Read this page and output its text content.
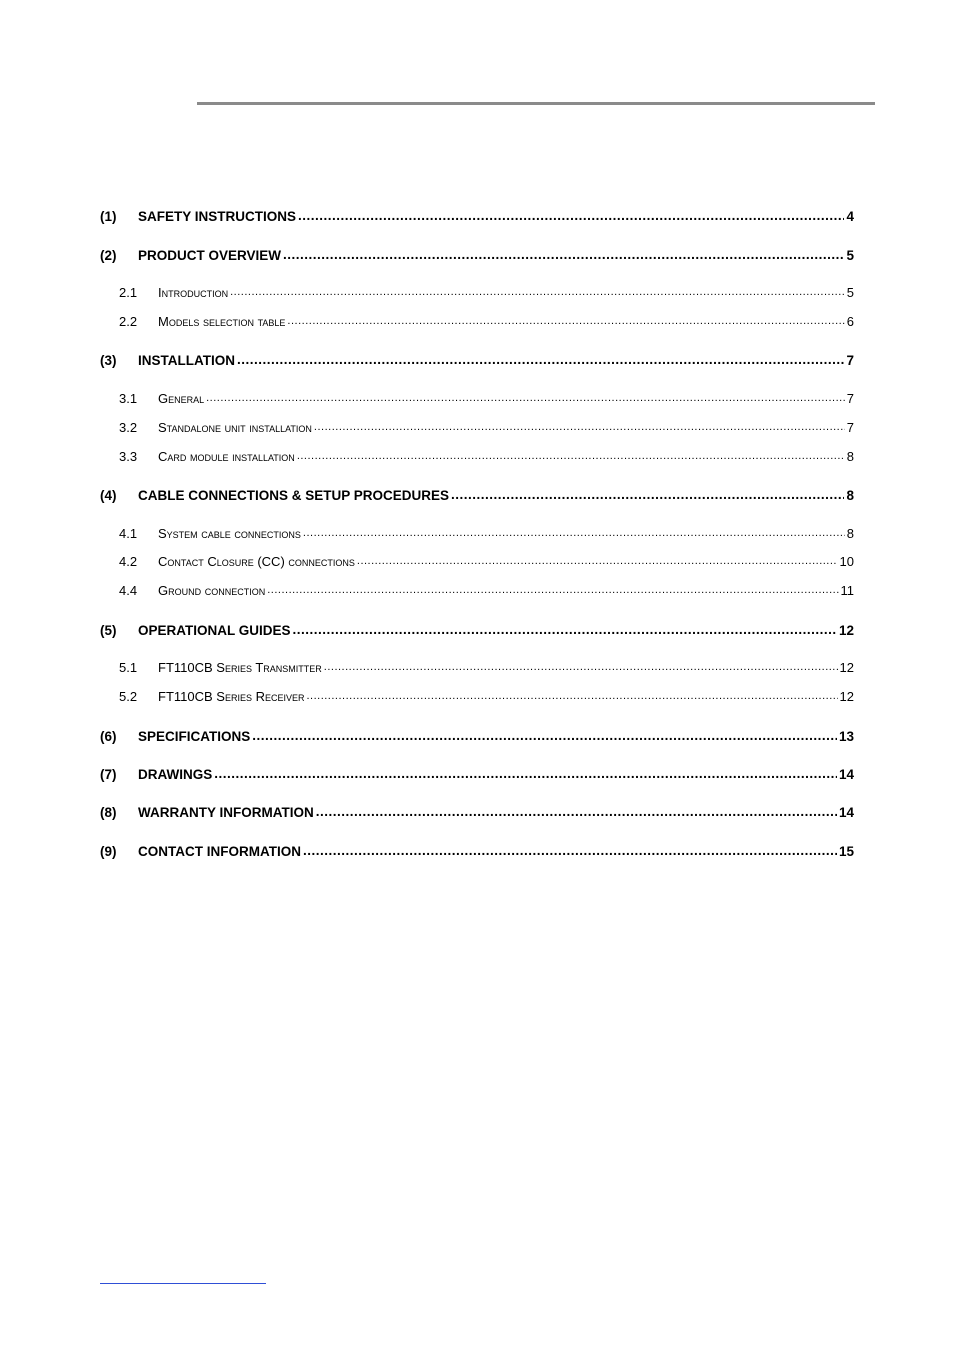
(1)	SAFETY INSTRUCTIONS .....	4
(2)	PRODUCT OVERVIEW .....	5
2.1	Introduction .....	5
2.2	Models selection table .....	6
(3)	INSTALLATION .....	7
3.1	General .....	7
3.2	Standalone unit installation .....	7
3.3	Card module installation .....	8
(4)	CABLE CONNECTIONS & SETUP PROCEDURES .....	8
4.1	System cable connections .....	8
4.2	Contact Closure (CC) connections .....	10
4.4	Ground connection .....	11
(5)	OPERATIONAL GUIDES .....	12
5.1	FT110CB Series Transmitter .....	12
5.2	FT110CB Series Receiver .....	12
(6)	SPECIFICATIONS .....	13
(7)	DRAWINGS .....	14
(8)	WARRANTY INFORMATION .....	14
(9)	CONTACT INFORMATION .....	15
